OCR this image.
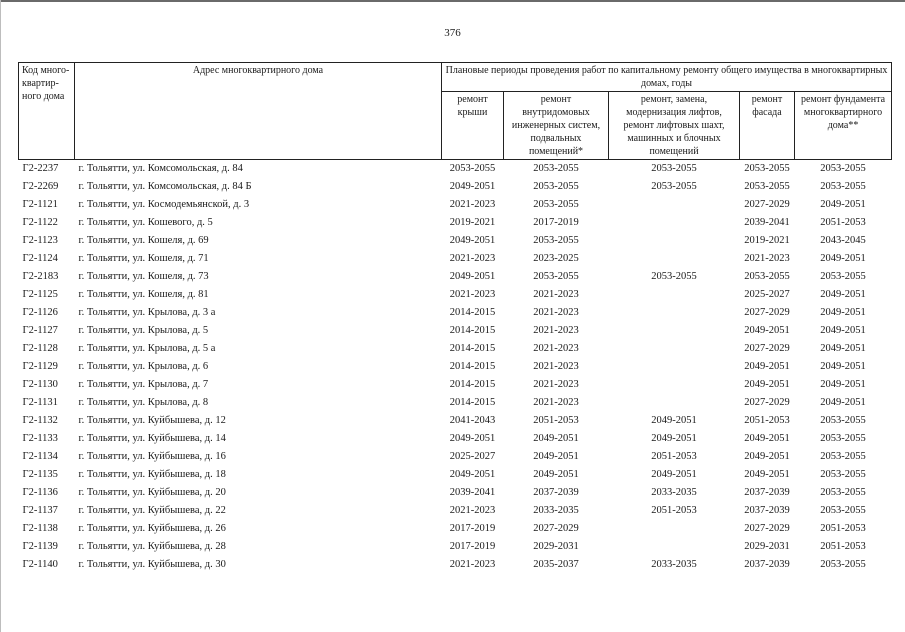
376
Код много-квартир-ного дома	Адрес многоквартирного дома	Плановые периоды проведения работ по капитальному ремонту общего имущества в многоквартирных домах, годы				
		ремонт крыши	ремонт внутридомовых инженерных систем, подвальных помещений*	ремонт, замена, модернизация лифтов, ремонт лифтовых шахт, машинных и блочных помещений	ремонт фасада	ремонт фундамента многоквартирного дома**
Г2-2237	г. Тольятти, ул. Комсомольская, д. 84	2053-2055	2053-2055	2053-2055	2053-2055	2053-2055
Г2-2269	г. Тольятти, ул. Комсомольская, д. 84 Б	2049-2051	2053-2055	2053-2055	2053-2055	2053-2055
Г2-1121	г. Тольятти, ул. Космодемьянской, д. 3	2021-2023	2053-2055		2027-2029	2049-2051
Г2-1122	г. Тольятти, ул. Кошевого, д. 5	2019-2021	2017-2019		2039-2041	2051-2053
Г2-1123	г. Тольятти, ул. Кошеля, д. 69	2049-2051	2053-2055		2019-2021	2043-2045
Г2-1124	г. Тольятти, ул. Кошеля, д. 71	2021-2023	2023-2025		2021-2023	2049-2051
Г2-2183	г. Тольятти, ул. Кошеля, д. 73	2049-2051	2053-2055	2053-2055	2053-2055	2053-2055
Г2-1125	г. Тольятти, ул. Кошеля, д. 81	2021-2023	2021-2023		2025-2027	2049-2051
Г2-1126	г. Тольятти, ул. Крылова, д. 3 а	2014-2015	2021-2023		2027-2029	2049-2051
Г2-1127	г. Тольятти, ул. Крылова, д. 5	2014-2015	2021-2023		2049-2051	2049-2051
Г2-1128	г. Тольятти, ул. Крылова, д. 5 а	2014-2015	2021-2023		2027-2029	2049-2051
Г2-1129	г. Тольятти, ул. Крылова, д. 6	2014-2015	2021-2023		2049-2051	2049-2051
Г2-1130	г. Тольятти, ул. Крылова, д. 7	2014-2015	2021-2023		2049-2051	2049-2051
Г2-1131	г. Тольятти, ул. Крылова, д. 8	2014-2015	2021-2023		2027-2029	2049-2051
Г2-1132	г. Тольятти, ул. Куйбышева, д. 12	2041-2043	2051-2053	2049-2051	2051-2053	2053-2055
Г2-1133	г. Тольятти, ул. Куйбышева, д. 14	2049-2051	2049-2051	2049-2051	2049-2051	2053-2055
Г2-1134	г. Тольятти, ул. Куйбышева, д. 16	2025-2027	2049-2051	2051-2053	2049-2051	2053-2055
Г2-1135	г. Тольятти, ул. Куйбышева, д. 18	2049-2051	2049-2051	2049-2051	2049-2051	2053-2055
Г2-1136	г. Тольятти, ул. Куйбышева, д. 20	2039-2041	2037-2039	2033-2035	2037-2039	2053-2055
Г2-1137	г. Тольятти, ул. Куйбышева, д. 22	2021-2023	2033-2035	2051-2053	2037-2039	2053-2055
Г2-1138	г. Тольятти, ул. Куйбышева, д. 26	2017-2019	2027-2029		2027-2029	2051-2053
Г2-1139	г. Тольятти, ул. Куйбышева, д. 28	2017-2019	2029-2031		2029-2031	2051-2053
Г2-1140	г. Тольятти, ул. Куйбышева, д. 30	2021-2023	2035-2037	2033-2035	2037-2039	2053-2055
